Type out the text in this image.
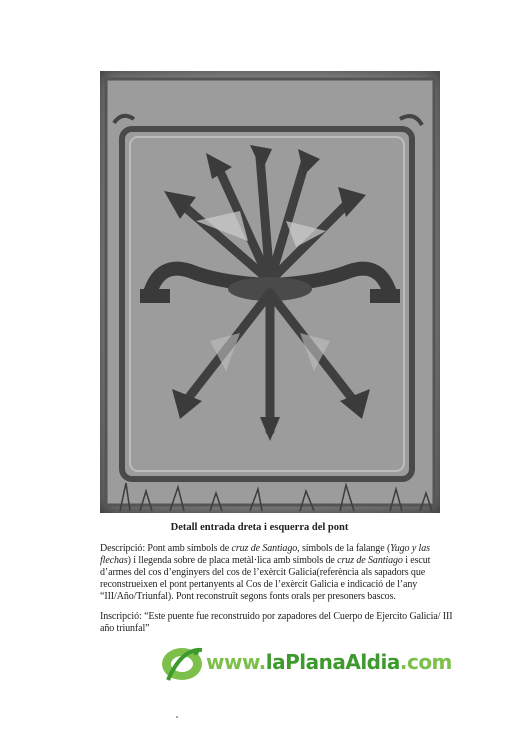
Detall entrada dreta i esquerra del pont
Descripció: Pont amb símbols de cruz de Santiago, símbols de la falange (Yugo y las flechas) i llegenda sobre de placa metàl·lica amb símbols de cruz de Santiago i escut d’armes del cos d’enginyers del cos de l’exèrcit Galicia(referència als sapadors que reconstrueixen el pont pertanyents al Cos de l’exèrcit Galicia e indicació de l’any “III/Año/Triunfal). Pont reconstruït segons fonts orals per presoners bascos.
Inscripció: “Este puente fue reconstruido por zapadores del Cuerpo de Ejercito Galicia/ III año triunfal”
www.laPlanaAldia.com
